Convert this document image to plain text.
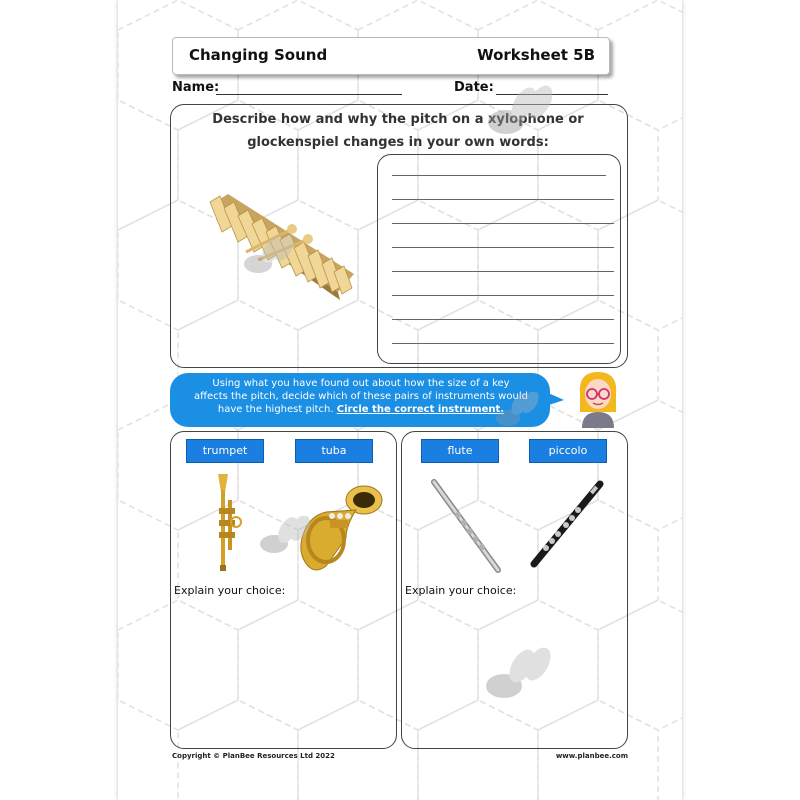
Changing Sound	Worksheet 5B
Name:	Date:
Describe how and why the pitch on a xylophone or
glockenspiel changes in your own words:
Using what you have found out about how the size of a key
affects the pitch, decide which of these pairs of instruments would
have the highest pitch. Circle the correct instrument.
trumpet	tuba
Explain your choice:
flute	piccolo
Explain your choice:
Copyright © PlanBee Resources Ltd 2022	www.planbee.com
